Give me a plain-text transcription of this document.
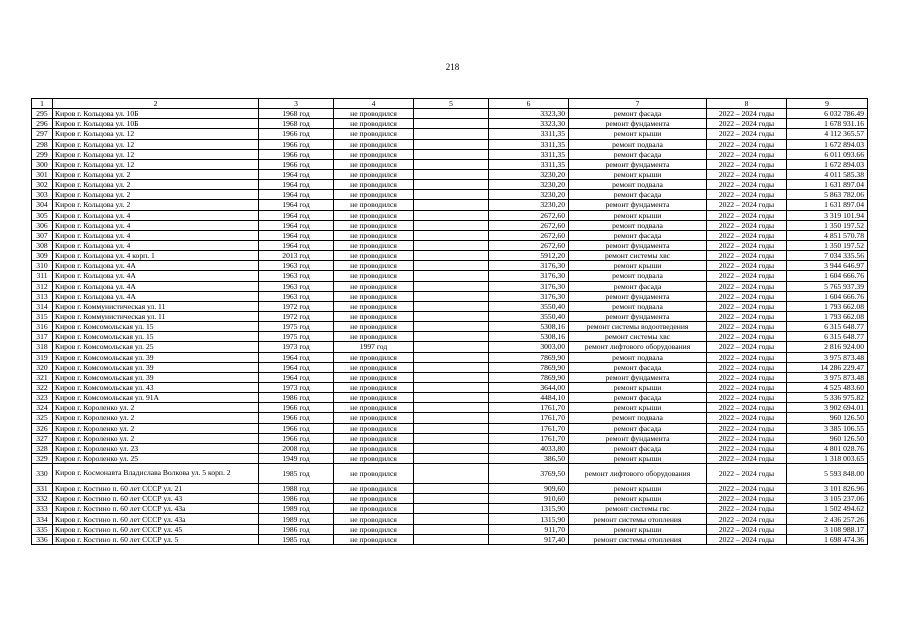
218
1	2	3	4	5	6	7	8	9
295	Киров г. Кольцова ул. 10Б	1968 год	не проводился		3323,30	ремонт фасада	2022 – 2024 годы	6 032 786.49
296	Киров г. Кольцова ул. 10Б	1968 год	не проводился		3323,30	ремонт фундамента	2022 – 2024 годы	1 678 931.16
297	Киров г. Кольцова ул. 12	1966 год	не проводился		3311,35	ремонт крыши	2022 – 2024 годы	4 112 365.57
298	Киров г. Кольцова ул. 12	1966 год	не проводился		3311,35	ремонт подвала	2022 – 2024 годы	1 672 894.03
299	Киров г. Кольцова ул. 12	1966 год	не проводился		3311,35	ремонт фасада	2022 – 2024 годы	6 011 093.66
300	Киров г. Кольцова ул. 12	1966 год	не проводился		3311,35	ремонт фундамента	2022 – 2024 годы	1 672 894.03
301	Киров г. Кольцова ул. 2	1964 год	не проводился		3230,20	ремонт крыши	2022 – 2024 годы	4 011 585.38
302	Киров г. Кольцова ул. 2	1964 год	не проводился		3230,20	ремонт подвала	2022 – 2024 годы	1 631 897.04
303	Киров г. Кольцова ул. 2	1964 год	не проводился		3230,20	ремонт фасада	2022 – 2024 годы	5 863 782.06
304	Киров г. Кольцова ул. 2	1964 год	не проводился		3230,20	ремонт фундамента	2022 – 2024 годы	1 631 897.04
305	Киров г. Кольцова ул. 4	1964 год	не проводился		2672,60	ремонт крыши	2022 – 2024 годы	3 319 101.94
306	Киров г. Кольцова ул. 4	1964 год	не проводился		2672,60	ремонт подвала	2022 – 2024 годы	1 350 197.52
307	Киров г. Кольцова ул. 4	1964 год	не проводился		2672,60	ремонт фасада	2022 – 2024 годы	4 851 570.78
308	Киров г. Кольцова ул. 4	1964 год	не проводился		2672,60	ремонт фундамента	2022 – 2024 годы	1 350 197.52
309	Киров г. Кольцова ул. 4 корп. 1	2013 год	не проводился		5912,20	ремонт системы хвс	2022 – 2024 годы	7 034 335.56
310	Киров г. Кольцова ул. 4А	1963 год	не проводился		3176,30	ремонт крыши	2022 – 2024 годы	3 944 646.97
311	Киров г. Кольцова ул. 4А	1963 год	не проводился		3176,30	ремонт подвала	2022 – 2024 годы	1 604 666.76
312	Киров г. Кольцова ул. 4А	1963 год	не проводился		3176,30	ремонт фасада	2022 – 2024 годы	5 765 937.39
313	Киров г. Кольцова ул. 4А	1963 год	не проводился		3176,30	ремонт фундамента	2022 – 2024 годы	1 604 666.76
314	Киров г. Коммунистическая ул. 11	1972 год	не проводился		3550,40	ремонт подвала	2022 – 2024 годы	1 793 662.08
315	Киров г. Коммунистическая ул. 11	1972 год	не проводился		3550,40	ремонт фундамента	2022 – 2024 годы	1 793 662.08
316	Киров г. Комсомольская ул. 15	1975 год	не проводился		5308,16	ремонт системы водоотведения	2022 – 2024 годы	6 315 648.77
317	Киров г. Комсомольская ул. 15	1975 год	не проводился		5308,16	ремонт системы хвс	2022 – 2024 годы	6 315 648.77
318	Киров г. Комсомольская ул. 25	1973 год	1997 год		3003,00	ремонт лифтового оборудования	2022 – 2024 годы	2 816 924.00
319	Киров г. Комсомольская ул. 39	1964 год	не проводился		7869,90	ремонт подвала	2022 – 2024 годы	3 975 873.48
320	Киров г. Комсомольская ул. 39	1964 год	не проводился		7869,90	ремонт фасада	2022 – 2024 годы	14 286 229.47
321	Киров г. Комсомольская ул. 39	1964 год	не проводился		7869,90	ремонт фундамента	2022 – 2024 годы	3 975 873.48
322	Киров г. Комсомольская ул. 43	1973 год	не проводился		3644,00	ремонт крыши	2022 – 2024 годы	4 525 483.60
323	Киров г. Комсомольская ул. 91А	1986 год	не проводился		4484,10	ремонт фасада	2022 – 2024 годы	5 336 975.82
324	Киров г. Короленко ул. 2	1966 год	не проводился		1761,70	ремонт крыши	2022 – 2024 годы	3 902 694.01
325	Киров г. Короленко ул. 2	1966 год	не проводился		1761,70	ремонт подвала	2022 – 2024 годы	960 126.50
326	Киров г. Короленко ул. 2	1966 год	не проводился		1761,70	ремонт фасада	2022 – 2024 годы	3 385 106.55
327	Киров г. Короленко ул. 2	1966 год	не проводился		1761,70	ремонт фундамента	2022 – 2024 годы	960 126.50
328	Киров г. Короленко ул. 23	2008 год	не проводился		4033,80	ремонт фасада	2022 – 2024 годы	4 801 028.76
329	Киров г. Короленко ул. 25	1949 год	не проводился		386,50	ремонт крыши	2022 – 2024 годы	1 318 003.65
330	Киров г. Космонавта Владислава Волкова ул. 5 корп. 2	1985 год	не проводился		3769,50	ремонт лифтового оборудования	2022 – 2024 годы	5 593 848.00
331	Киров г. Костино п. 60 лет СССР ул. 21	1988 год	не проводился		909,60	ремонт крыши	2022 – 2024 годы	3 101 826.96
332	Киров г. Костино п. 60 лет СССР ул. 43	1986 год	не проводился		910,60	ремонт крыши	2022 – 2024 годы	3 105 237.06
333	Киров г. Костино п. 60 лет СССР ул. 43а	1989 год	не проводился		1315,90	ремонт системы гвс	2022 – 2024 годы	1 502 494.62
334	Киров г. Костино п. 60 лет СССР ул. 43а	1989 год	не проводился		1315,90	ремонт системы отопления	2022 – 2024 годы	2 436 257.26
335	Киров г. Костино п. 60 лет СССР ул. 45	1986 год	не проводился		911,70	ремонт крыши	2022 – 2024 годы	3 108 988.17
336	Киров г. Костино п. 60 лет СССР ул. 5	1985 год	не проводился		917,40	ремонт системы отопления	2022 – 2024 годы	1 698 474.36
